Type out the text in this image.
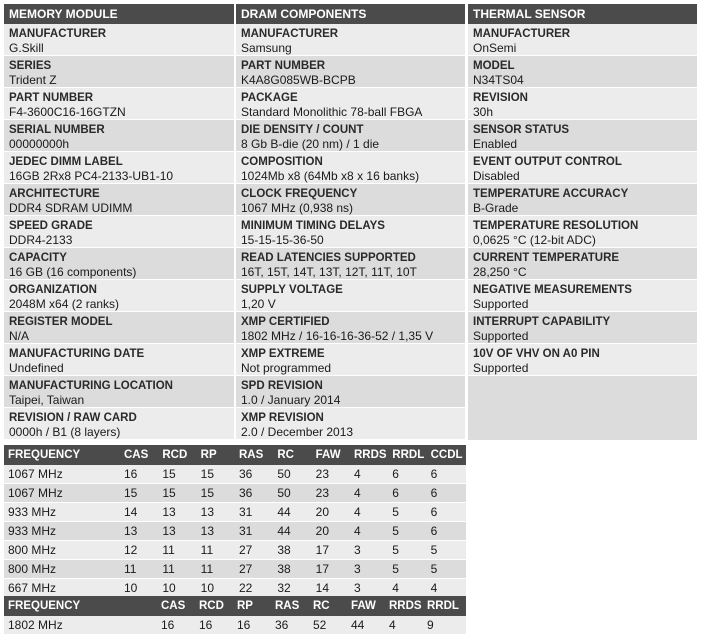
MEMORY MODULE
MANUFACTURER
G.Skill
SERIES
Trident Z
PART NUMBER
F4-3600C16-16GTZN
SERIAL NUMBER
00000000h
JEDEC DIMM LABEL
16GB 2Rx8 PC4-2133-UB1-10
ARCHITECTURE
DDR4 SDRAM UDIMM
SPEED GRADE
DDR4-2133
CAPACITY
16 GB (16 components)
ORGANIZATION
2048M x64 (2 ranks)
REGISTER MODEL
N/A
MANUFACTURING DATE
Undefined
MANUFACTURING LOCATION
Taipei, Taiwan
REVISION / RAW CARD
0000h / B1 (8 layers)
DRAM COMPONENTS
MANUFACTURER
Samsung
PART NUMBER
K4A8G085WB-BCPB
PACKAGE
Standard Monolithic 78-ball FBGA
DIE DENSITY / COUNT
8 Gb B-die (20 nm) / 1 die
COMPOSITION
1024Mb x8 (64Mb x8 x 16 banks)
CLOCK FREQUENCY
1067 MHz (0,938 ns)
MINIMUM TIMING DELAYS
15-15-15-36-50
READ LATENCIES SUPPORTED
16T, 15T, 14T, 13T, 12T, 11T, 10T
SUPPLY VOLTAGE
1,20 V
XMP CERTIFIED
1802 MHz / 16-16-16-36-52 / 1,35 V
XMP EXTREME
Not programmed
SPD REVISION
1.0 / January 2014
XMP REVISION
2.0 / December 2013
THERMAL SENSOR
MANUFACTURER
OnSemi
MODEL
N34TS04
REVISION
30h
SENSOR STATUS
Enabled
EVENT OUTPUT CONTROL
Disabled
TEMPERATURE ACCURACY
B-Grade
TEMPERATURE RESOLUTION
0,0625 °C (12-bit ADC)
CURRENT TEMPERATURE
28,250 °C
NEGATIVE MEASUREMENTS
Supported
INTERRUPT CAPABILITY
Supported
10V OF VHV ON A0 PIN
Supported
FREQUENCY	CAS	RCD	RP	RAS	RC	FAW	RRDS	RRDL	CCDL
1067 MHz	16	15	15	36	50	23	4	6	6
1067 MHz	15	15	15	36	50	23	4	6	6
933 MHz	14	13	13	31	44	20	4	5	6
933 MHz	13	13	13	31	44	20	4	5	6
800 MHz	12	11	11	27	38	17	3	5	5
800 MHz	11	11	11	27	38	17	3	5	5
667 MHz	10	10	10	22	32	14	3	4	4
FREQUENCY	CAS	RCD	RP	RAS	RC	FAW	RRDS	RRDL
1802 MHz	16	16	16	36	52	44	4	9
